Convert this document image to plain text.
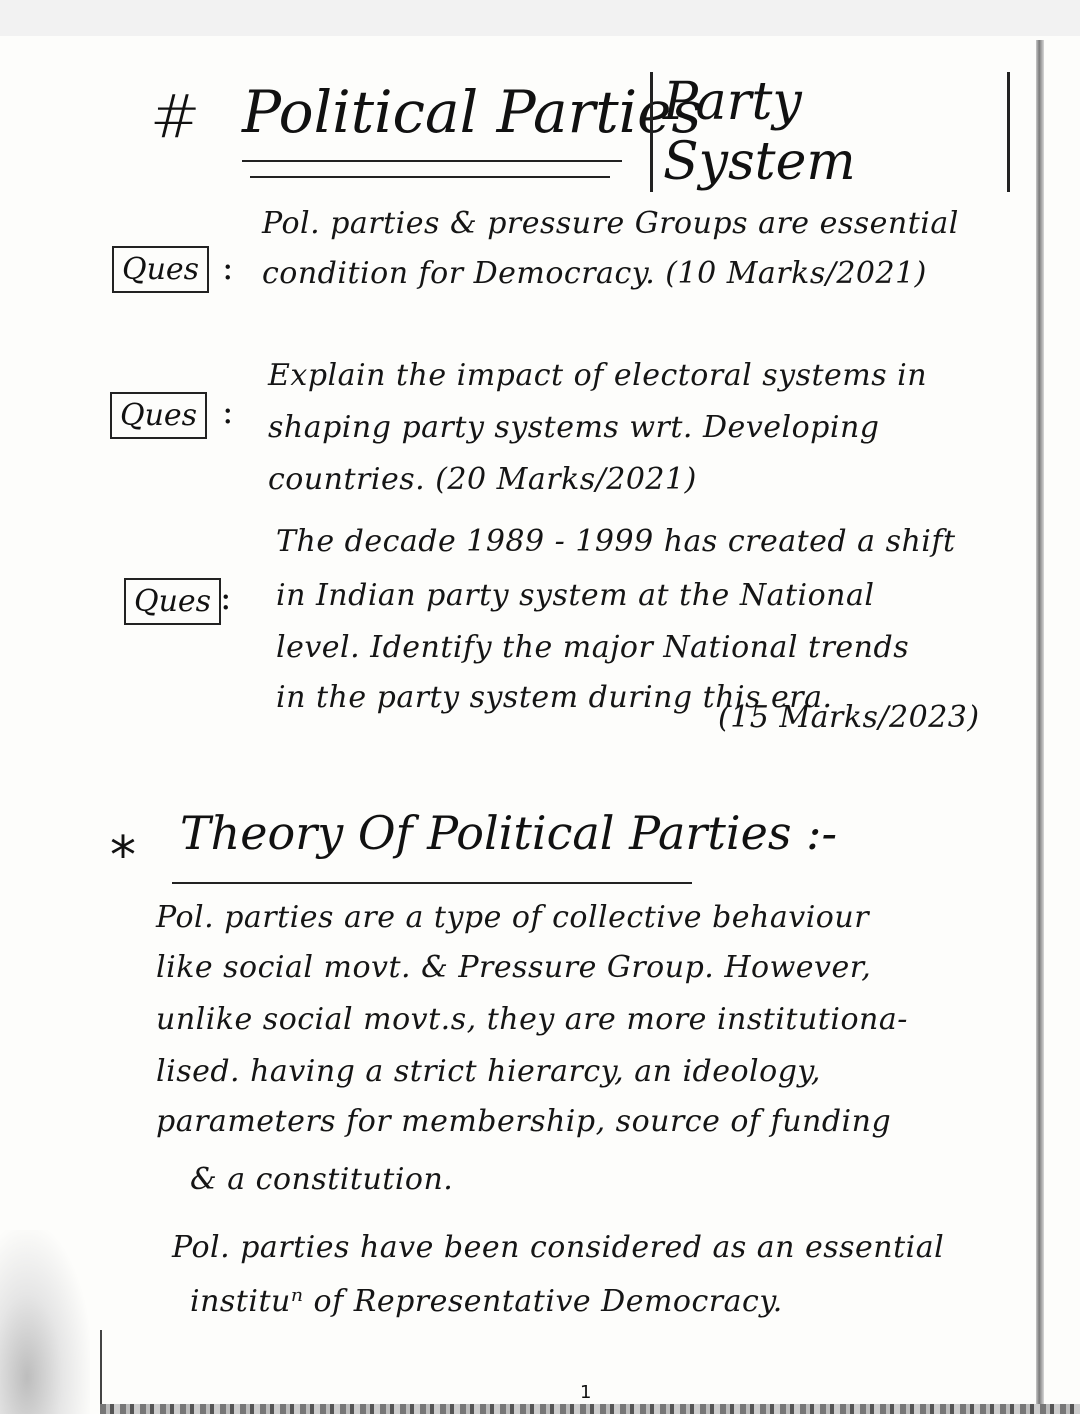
# Political Parties
Party System
Ques :
Pol. parties & pressure Groups are essential
condition for Democracy. (10 Marks/2021)
Ques :
Explain the impact of electoral systems in
shaping party systems wrt. Developing
countries. (20 Marks/2021)
Ques :
The decade 1989 - 1999 has created a shift
in Indian party system at the National
level. Identify the major National trends
in the party system during this era.
(15 Marks/2023)
* Theory Of Political Parties :-
Pol. parties are a type of collective behaviour
like social movt. & Pressure Group. However,
unlike social movt.s, they are more institutiona-
lised. having a strict hierarcy, an ideology,
parameters for membership, source of funding
& a constitution.
Pol. parties have been considered as an essential
instituⁿ of Representative Democracy.
1
